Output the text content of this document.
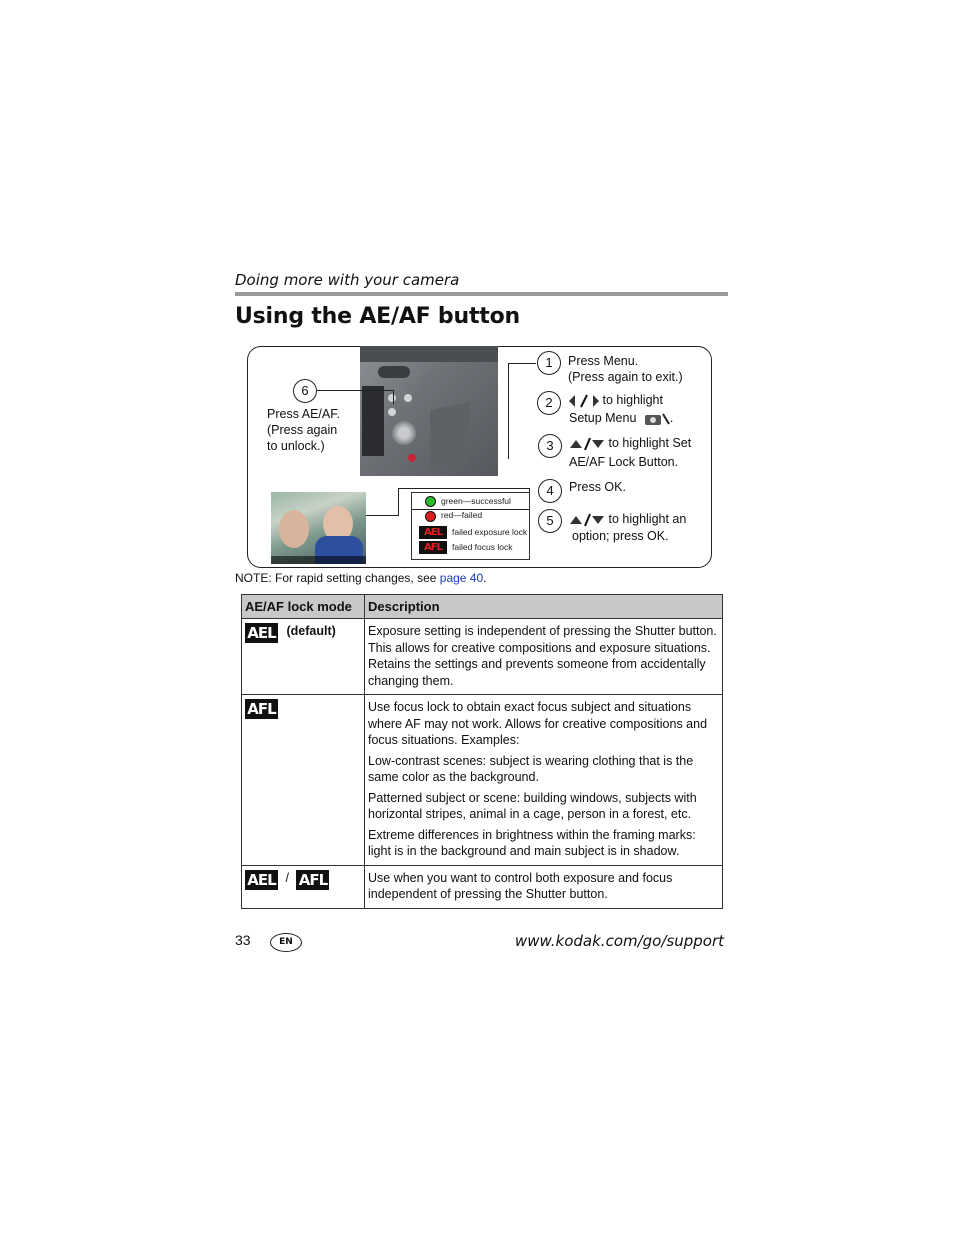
Doing more with your camera
Using the AE/AF button
6
Press AE/AF.
(Press again
to unlock.)
1	Press Menu.
(Press again to exit.)
2	to highlight
Setup Menu	.
3	to highlight Set
AE/AF Lock Button.
4	Press OK.
5	to highlight an
option; press OK.
green—successful
red—failed
AEL	failed exposure lock
AFL	failed focus lock
NOTE: For rapid setting changes, see page 40.
AE/AF lock mode	Description
AEL (default)	Exposure setting is independent of pressing the Shutter button. This allows for creative compositions and exposure situations. Retains the settings and prevents someone from accidentally changing them.

AFL	Use focus lock to obtain exact focus subject and situations where AF may not work. Allows for creative compositions and focus situations. Examples:

Low-contrast scenes: subject is wearing clothing that is the same color as the background.

Patterned subject or scene: building windows, subjects with horizontal stripes, animal in a cage, person in a forest, etc.

Extreme differences in brightness within the framing marks: light is in the background and main subject is in shadow.

AEL / AFL	Use when you want to control both exposure and focus independent of pressing the Shutter button.

33	EN	www.kodak.com/go/support
